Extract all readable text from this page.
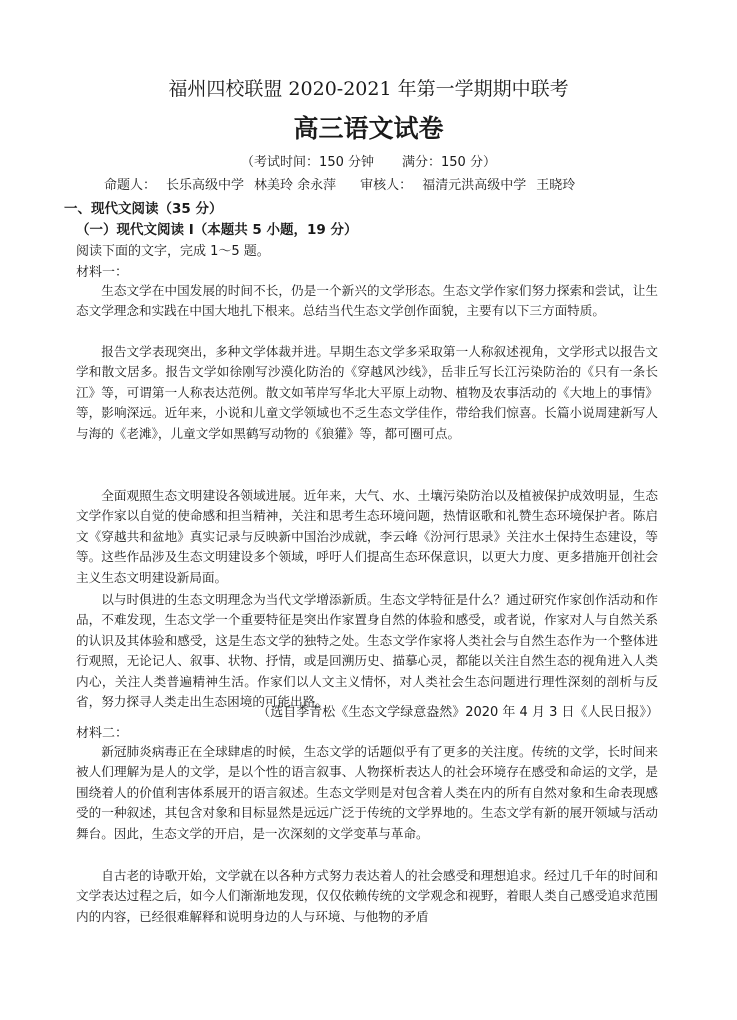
福州四校联盟 2020-2021 年第一学期期中联考
高三语文试卷
（考试时间：150 分钟 满分：150 分）
命题人： 长乐高级中学 林美玲 余永萍 审核人： 福清元洪高级中学 王晓玲
一、现代文阅读（35 分）
（一）现代文阅读 I（本题共 5 小题，19 分）
阅读下面的文字，完成 1～5 题。
材料一：
生态文学在中国发展的时间不长，仍是一个新兴的文学形态。生态文学作家们努力探索和尝试，让生态文学理念和实践在中国大地扎下根来。总结当代生态文学创作面貌，主要有以下三方面特质。
报告文学表现突出，多种文学体裁并进。早期生态文学多采取第一人称叙述视角，文学形式以报告文学和散文居多。报告文学如徐刚写沙漠化防治的《穿越风沙线》，岳非丘写长江污染防治的《只有一条长江》等，可谓第一人称表达范例。散文如苇岸写华北大平原上动物、植物及农事活动的《大地上的事情》等，影响深远。近年来，小说和儿童文学领域也不乏生态文学佳作，带给我们惊喜。长篇小说周建新写人与海的《老滩》，儿童文学如黑鹤写动物的《狼獾》等，都可圈可点。
全面观照生态文明建设各领域进展。近年来，大气、水、土壤污染防治以及植被保护成效明显，生态文学作家以自觉的使命感和担当精神，关注和思考生态环境问题，热情讴歌和礼赞生态环境保护者。陈启文《穿越共和盆地》真实记录与反映新中国治沙成就，李云峰《汾河行思录》关注水土保持生态建设，等等。这些作品涉及生态文明建设多个领域，呼吁人们提高生态环保意识，以更大力度、更多措施开创社会主义生态文明建设新局面。
以与时俱进的生态文明理念为当代文学增添新质。生态文学特征是什么？通过研究作家创作活动和作品，不难发现，生态文学一个重要特征是突出作家置身自然的体验和感受，或者说，作家对人与自然关系的认识及其体验和感受，这是生态文学的独特之处。生态文学作家将人类社会与自然生态作为一个整体进行观照，无论记人、叙事、状物、抒情，或是回溯历史、描摹心灵，都能以关注自然生态的视角进入人类内心，关注人类普遍精神生活。作家们以人文主义情怀，对人类社会生态问题进行理性深刻的剖析与反省，努力探寻人类走出生态困境的可能出路。
（选自李青松《生态文学绿意盎然》2020 年 4 月 3 日《人民日报》）
材料二：
新冠肺炎病毒正在全球肆虐的时候，生态文学的话题似乎有了更多的关注度。传统的文学，长时间来被人们理解为是人的文学，是以个性的语言叙事、人物探析表达人的社会环境存在感受和命运的文学，是围绕着人的价值利害体系展开的语言叙述。生态文学则是对包含着人类在内的所有自然对象和生命表现感受的一种叙述，其包含对象和目标显然是远远广泛于传统的文学界地的。生态文学有新的展开领域与活动舞台。因此，生态文学的开启，是一次深刻的文学变革与革命。
自古老的诗歌开始，文学就在以各种方式努力表达着人的社会感受和理想追求。经过几千年的时间和文学表达过程之后，如今人们渐渐地发现，仅仅依赖传统的文学观念和视野，着眼人类自己感受追求范围内的内容，已经很难解释和说明身边的人与环境、与他物的矛盾
